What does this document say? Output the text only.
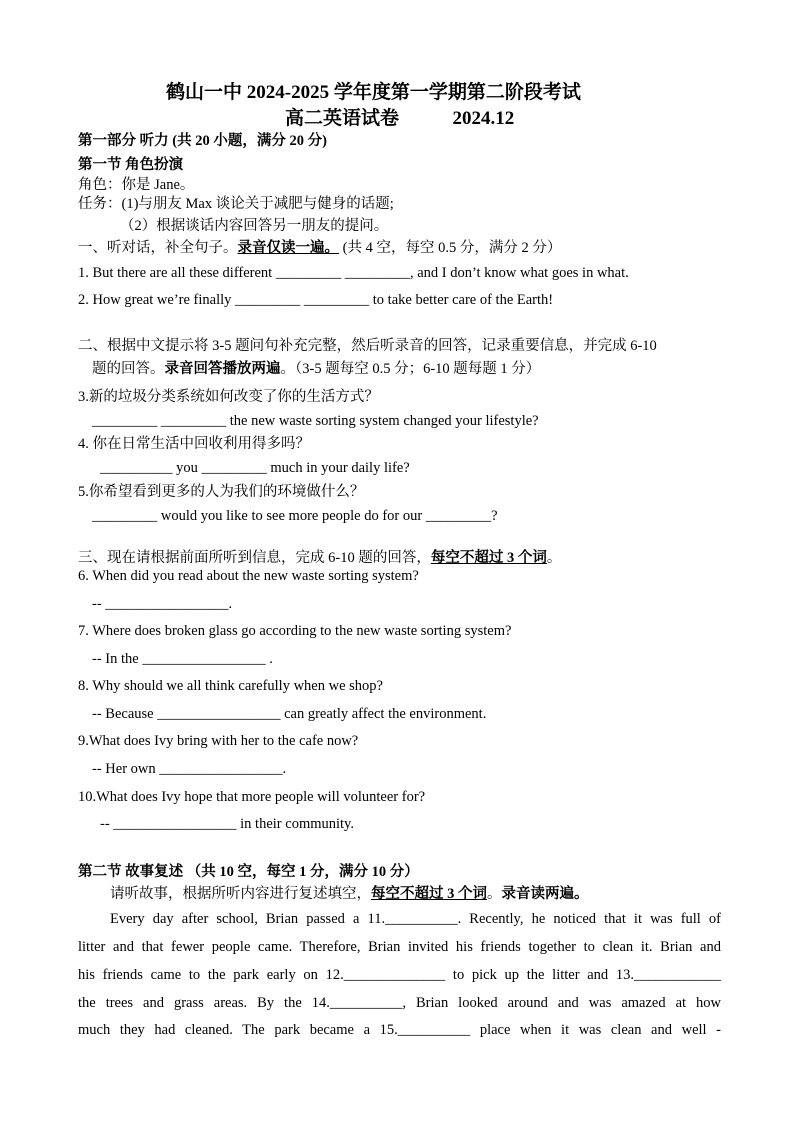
鹤山一中 2024-2025 学年度第一学期第二阶段考试
高二英语试卷	2024.12
第一部分 听力 (共 20 小题，满分 20 分)
第一节 角色扮演
角色：你是 Jane。
任务：(1)与朋友 Max 谈论关于减肥与健身的话题;
（2）根据谈话内容回答另一朋友的提问。
一、听对话，补全句子。录音仅读一遍。 (共 4 空，每空 0.5 分，满分 2 分）
1. But there are all these different _________ _________, and I don’t know what goes in what.
2. How great we’re finally _________ _________ to take better care of the Earth!
二、根据中文提示将 3-5 题问句补充完整，然后听录音的回答，记录重要信息，并完成 6-10
题的回答。录音回答播放两遍。（3-5 题每空 0.5 分；6-10 题每题 1 分）
3.新的垃圾分类系统如何改变了你的生活方式？
_________ _________ the new waste sorting system changed your lifestyle?
4. 你在日常生活中回收利用得多吗？
__________ you _________ much in your daily life?
5.你希望看到更多的人为我们的环境做什么？
_________ would you like to see more people do for our _________?
三、现在请根据前面所听到信息，完成 6-10 题的回答，每空不超过 3 个词。
6. When did you read about the new waste sorting system?
-- _________________.
7. Where does broken glass go according to the new waste sorting system?
-- In the _________________ .
8. Why should we all think carefully when we shop?
-- Because _________________ can greatly affect the environment.
9.What does Ivy bring with her to the cafe now?
-- Her own _________________.
10.What does Ivy hope that more people will volunteer for?
-- _________________ in their community.
第二节 故事复述 （共 10 空，每空 1 分，满分 10 分）
请听故事，根据所听内容进行复述填空，每空不超过 3 个词。录音读两遍。
Every day after school, Brian passed a 11.__________. Recently, he noticed that it was full of
litter and that fewer people came. Therefore, Brian invited his friends together to clean it. Brian and
his friends came to the park early on 12.______________ to pick up the litter and 13.____________
the trees and grass areas. By the 14.__________, Brian looked around and was amazed at how
much they had cleaned. The park became a 15.__________ place when it was clean and well -
